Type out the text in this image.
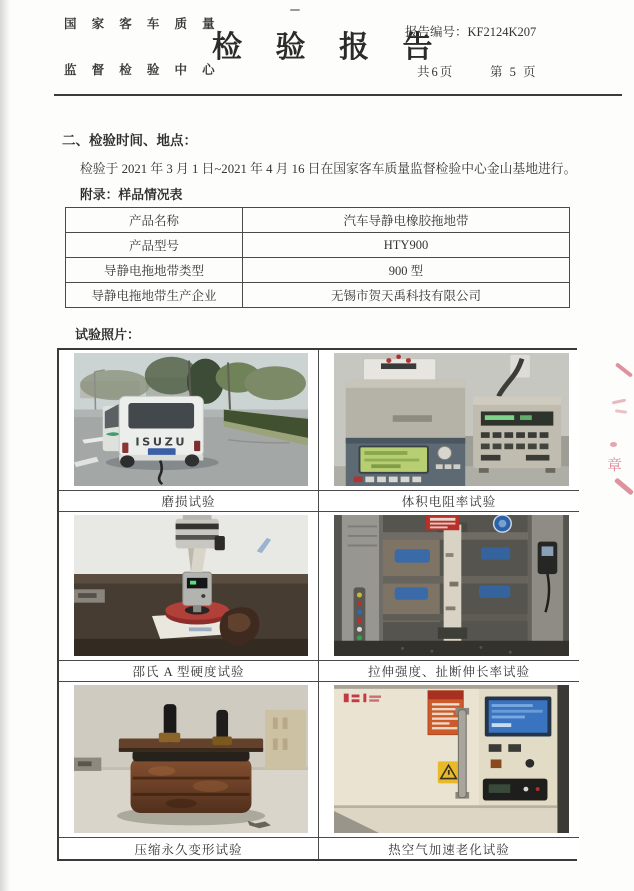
国 家 客 车 质 量
监 督 检 验 中 心
检 验 报 告
报告编号：KF2124K207
共6页	第 5 页
二、检验时间、地点：
检验于 2021 年 3 月 1 日~2021 年 4 月 16 日在国家客车质量监督检验中心金山基地进行。
附录：样品情况表
产品名称	汽车导静电橡胶拖地带
产品型号	HTY900
导静电拖地带类型	900 型
导静电拖地带生产企业	无锡市贺天禹科技有限公司
试验照片：
ISUZU
磨损试验	体积电阻率试验
邵氏 A 型硬度试验	拉伸强度、扯断伸长率试验
压缩永久变形试验	热空气加速老化试验
章
